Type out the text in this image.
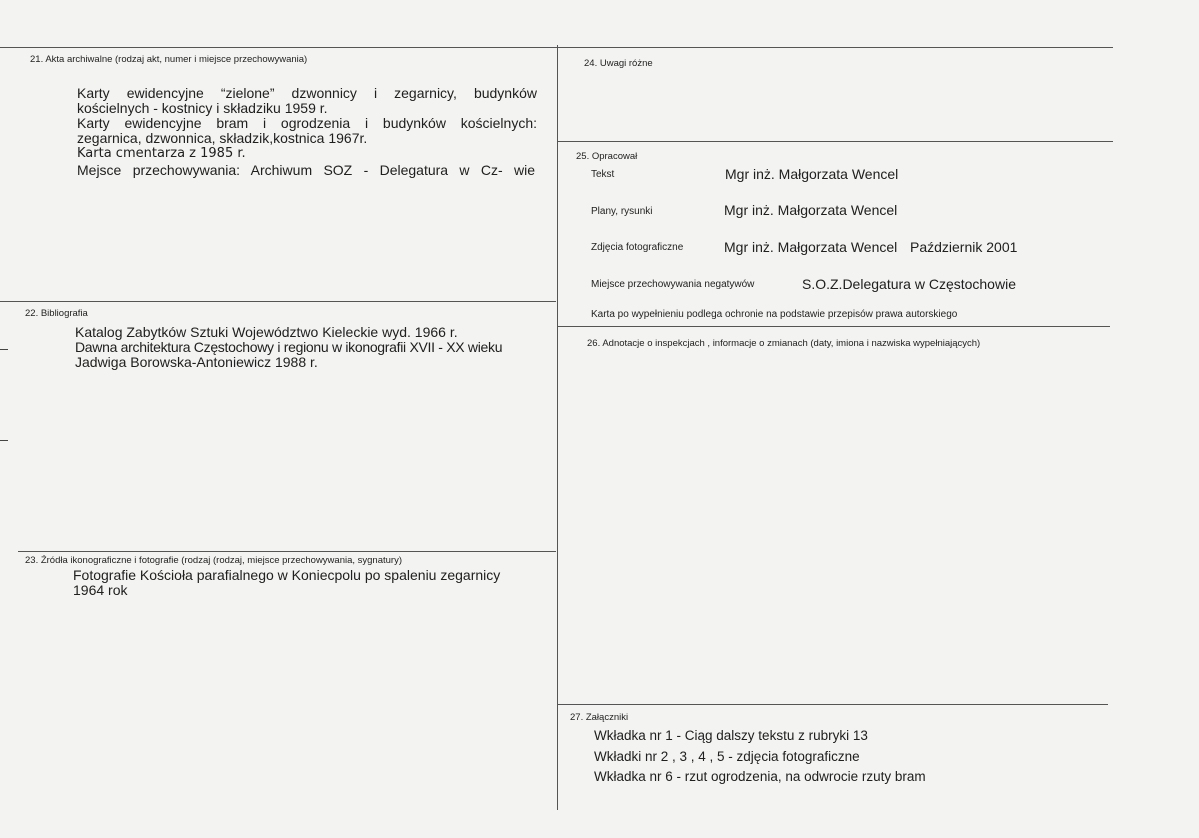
21. Akta archiwalne (rodzaj akt, numer i miejsce przechowywania)

Karty ewidencyjne “zielone” dzwonnicy i zegarnicy, budynków

kościelnych - kostnicy i składziku 1959 r.

Karty ewidencyjne bram i ogrodzenia i budynków kościelnych:

zegarnica, dzwonnica, składzik,kostnica 1967r.

Karta cmentarza z 1985 r.

Mejsce przechowywania: Archiwum SOZ - Delegatura w Cz- wie

22. Bibliografia

Katalog Zabytków Sztuki Województwo Kieleckie wyd. 1966 r.

Dawna architektura Częstochowy i regionu w ikonografii XVII - XX wieku

Jadwiga Borowska-Antoniewicz 1988 r.

23. Źródła ikonograficzne i fotografie (rodzaj (rodzaj, miejsce przechowywania, sygnatury)

Fotografie Kościoła parafialnego w Koniecpolu po spaleniu zegarnicy

1964 rok

24. Uwagi różne
25. Opracował
Tekst	Mgr inż. Małgorzata Wencel
Plany, rysunki	Mgr inż. Małgorzata Wencel
Zdjęcia fotograficzne	Mgr inż. Małgorzata Wencel Październik 2001
Miejsce przechowywania negatywów	S.O.Z.Delegatura w Częstochowie
Karta po wypełnieniu podlega ochronie na podstawie przepisów prawa autorskiego
26. Adnotacje o inspekcjach , informacje o zmianach (daty, imiona i nazwiska wypełniających)
27. Załączniki
Wkładka nr 1 - Ciąg dalszy tekstu z rubryki 13
Wkładki nr 2 , 3 , 4 , 5 - zdjęcia fotograficzne
Wkładka nr 6 - rzut ogrodzenia, na odwrocie rzuty bram
